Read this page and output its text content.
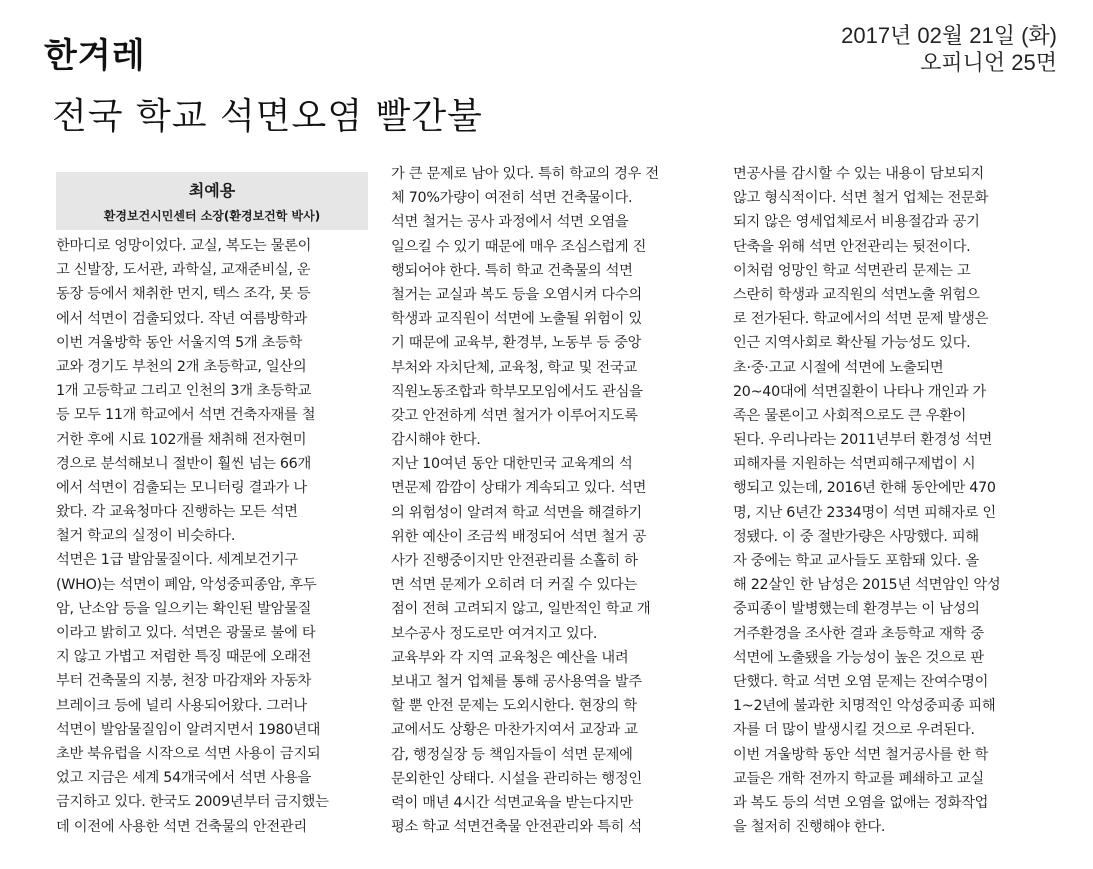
한겨레
2017년 02월 21일 (화)
오피니언 25면
전국 학교 석면오염 빨간불
최예용
환경보건시민센터 소장(환경보건학 박사)
한마디로 엉망이었다. 교실, 복도는 물론이
고 신발장, 도서관, 과학실, 교재준비실, 운
동장 등에서 채취한 먼지, 텍스 조각, 못 등
에서 석면이 검출되었다. 작년 여름방학과
이번 겨울방학 동안 서울지역 5개 초등학
교와 경기도 부천의 2개 초등학교, 일산의
1개 고등학교 그리고 인천의 3개 초등학교
등 모두 11개 학교에서 석면 건축자재를 철
거한 후에 시료 102개를 채취해 전자현미
경으로 분석해보니 절반이 훨씬 넘는 66개
에서 석면이 검출되는 모니터링 결과가 나
왔다. 각 교육청마다 진행하는 모든 석면
철거 학교의 실정이 비슷하다.
석면은 1급 발암물질이다. 세계보건기구
(WHO)는 석면이 폐암, 악성중피종암, 후두
암, 난소암 등을 일으키는 확인된 발암물질
이라고 밝히고 있다. 석면은 광물로 불에 타
지 않고 가볍고 저렴한 특징 때문에 오래전
부터 건축물의 지붕, 천장 마감재와 자동차
브레이크 등에 널리 사용되어왔다. 그러나
석면이 발암물질임이 알려지면서 1980년대
초반 북유럽을 시작으로 석면 사용이 금지되
었고 지금은 세계 54개국에서 석면 사용을
금지하고 있다. 한국도 2009년부터 금지했는
데 이전에 사용한 석면 건축물의 안전관리
가 큰 문제로 남아 있다. 특히 학교의 경우 전
체 70%가량이 여전히 석면 건축물이다.
석면 철거는 공사 과정에서 석면 오염을
일으킬 수 있기 때문에 매우 조심스럽게 진
행되어야 한다. 특히 학교 건축물의 석면
철거는 교실과 복도 등을 오염시켜 다수의
학생과 교직원이 석면에 노출될 위험이 있
기 때문에 교육부, 환경부, 노동부 등 중앙
부처와 자치단체, 교육청, 학교 및 전국교
직원노동조합과 학부모모임에서도 관심을
갖고 안전하게 석면 철거가 이루어지도록
감시해야 한다.
지난 10여년 동안 대한민국 교육계의 석
면문제 깜깜이 상태가 계속되고 있다. 석면
의 위험성이 알려져 학교 석면을 해결하기
위한 예산이 조금씩 배정되어 석면 철거 공
사가 진행중이지만 안전관리를 소홀히 하
면 석면 문제가 오히려 더 커질 수 있다는
점이 전혀 고려되지 않고, 일반적인 학교 개
보수공사 정도로만 여겨지고 있다.
교육부와 각 지역 교육청은 예산을 내려
보내고 철거 업체를 통해 공사용역을 발주
할 뿐 안전 문제는 도외시한다. 현장의 학
교에서도 상황은 마찬가지여서 교장과 교
감, 행정실장 등 책임자들이 석면 문제에
문외한인 상태다. 시설을 관리하는 행정인
력이 매년 4시간 석면교육을 받는다지만
평소 학교 석면건축물 안전관리와 특히 석
면공사를 감시할 수 있는 내용이 담보되지
않고 형식적이다. 석면 철거 업체는 전문화
되지 않은 영세업체로서 비용절감과 공기
단축을 위해 석면 안전관리는 뒷전이다.
이처럼 엉망인 학교 석면관리 문제는 고
스란히 학생과 교직원의 석면노출 위험으
로 전가된다. 학교에서의 석면 문제 발생은
인근 지역사회로 확산될 가능성도 있다.
초·중·고교 시절에 석면에 노출되면
20~40대에 석면질환이 나타나 개인과 가
족은 물론이고 사회적으로도 큰 우환이
된다. 우리나라는 2011년부터 환경성 석면
피해자를 지원하는 석면피해구제법이 시
행되고 있는데, 2016년 한해 동안에만 470
명, 지난 6년간 2334명이 석면 피해자로 인
정됐다. 이 중 절반가량은 사망했다. 피해
자 중에는 학교 교사들도 포함돼 있다. 올
해 22살인 한 남성은 2015년 석면암인 악성
중피종이 발병했는데 환경부는 이 남성의
거주환경을 조사한 결과 초등학교 재학 중
석면에 노출됐을 가능성이 높은 것으로 판
단했다. 학교 석면 오염 문제는 잔여수명이
1~2년에 불과한 치명적인 악성중피종 피해
자를 더 많이 발생시킬 것으로 우려된다.
이번 겨울방학 동안 석면 철거공사를 한 학
교들은 개학 전까지 학교를 폐쇄하고 교실
과 복도 등의 석면 오염을 없애는 정화작업
을 철저히 진행해야 한다.
